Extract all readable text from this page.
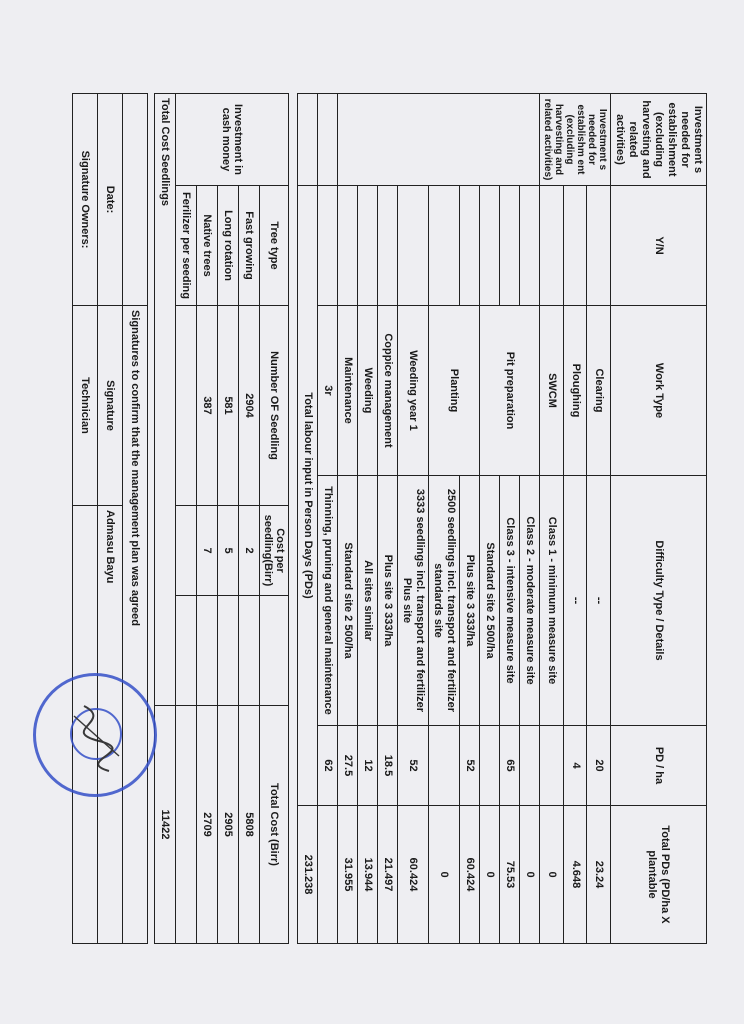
Investment s needed for establishment (excluding harvesting and related activities)	Y/N	Work Type	Difficulty Type / Details	PD / ha	Total PDs (PD/ha X plantable
Investment s needed for establishm ent (excluding harvesting and related activities)		Clearing	--	20	23.24
		Ploughing	--	4	4.648
		SWCM	Class 1 - minimum measure site		0
		Pit preparation	Class 2 - moderate measure site		0
			Class 3 - intensive measure site	65	75.53
			Standard site 2 500/ha		0
		Planting	Plus site 3 333/ha	52	60.424
			2500 seedlings incl. transport and fertilizer standards site		0
		Weeding year 1	3333 seedlings incl. transport and fertilizer Plus site	52	60.424
		Coppice management	Plus site 3 333/ha	18.5	21.497
		Weeding	All sites similar	12	13.944
		Maintenance	Standard site 2 500/ha	27.5	31.955
		3r	Thinning, pruning and general maintenance	62	
	Total labour input in Person Days (PDs)				231.238
Investment in cash money	Tree type	Number OF Seedling	Cost per seedling(Birr)		Total Cost (Birr)
	Fast growing	2904	2		5808
	Long rotation	581	5		2905
	Native trees	387	7		2709
	Ferilizer per seeding				
Total Cost Seedlings					11422
	Signatures to confirm that the management plan was agreed	
Date:	Signature	Admasu Bayu
Signature Owners:	Technician	
